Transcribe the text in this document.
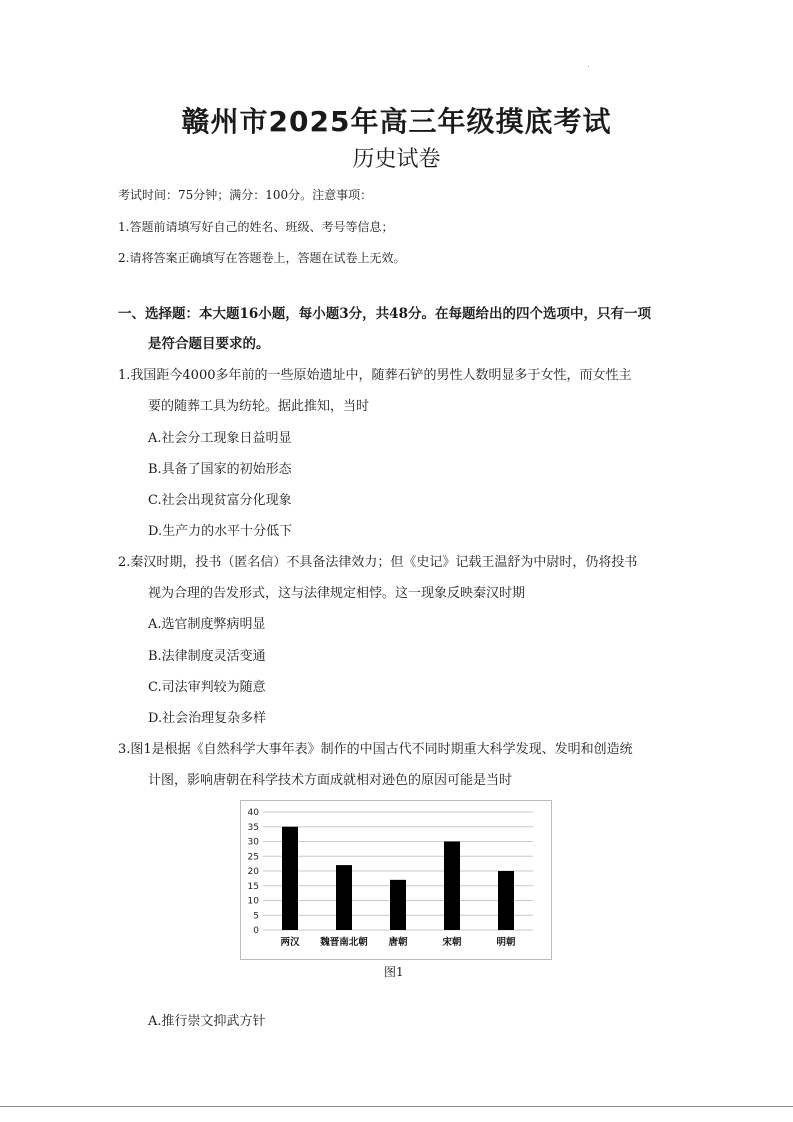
赣州市2025年高三年级摸底考试
历史试卷
考试时间：75分钟；满分：100分。注意事项：
1.答题前请填写好自己的姓名、班级、考号等信息；
2.请将答案正确填写在答题卷上，答题在试卷上无效。
一、选择题：本大题16小题，每小题3分，共48分。在每题给出的四个选项中，只有一项
是符合题目要求的。
1.我国距今4000多年前的一些原始遗址中，随葬石铲的男性人数明显多于女性，而女性主
要的随葬工具为纺轮。据此推知，当时
A.社会分工现象日益明显
B.具备了国家的初始形态
C.社会出现贫富分化现象
D.生产力的水平十分低下
2.秦汉时期，投书（匿名信）不具备法律效力；但《史记》记载王温舒为中尉时，仍将投书
视为合理的告发形式，这与法律规定相悖。这一现象反映秦汉时期
A.选官制度弊病明显
B.法律制度灵活变通
C.司法审判较为随意
D.社会治理复杂多样
3.图1是根据《自然科学大事年表》制作的中国古代不同时期重大科学发现、发明和创造统
计图，影响唐朝在科学技术方面成就相对逊色的原因可能是当时
0
5
10
15
20
25
30
35
40
两汉 魏晋南北朝 唐朝	宋朝	明朝
图1
A.推行崇文抑武方针
